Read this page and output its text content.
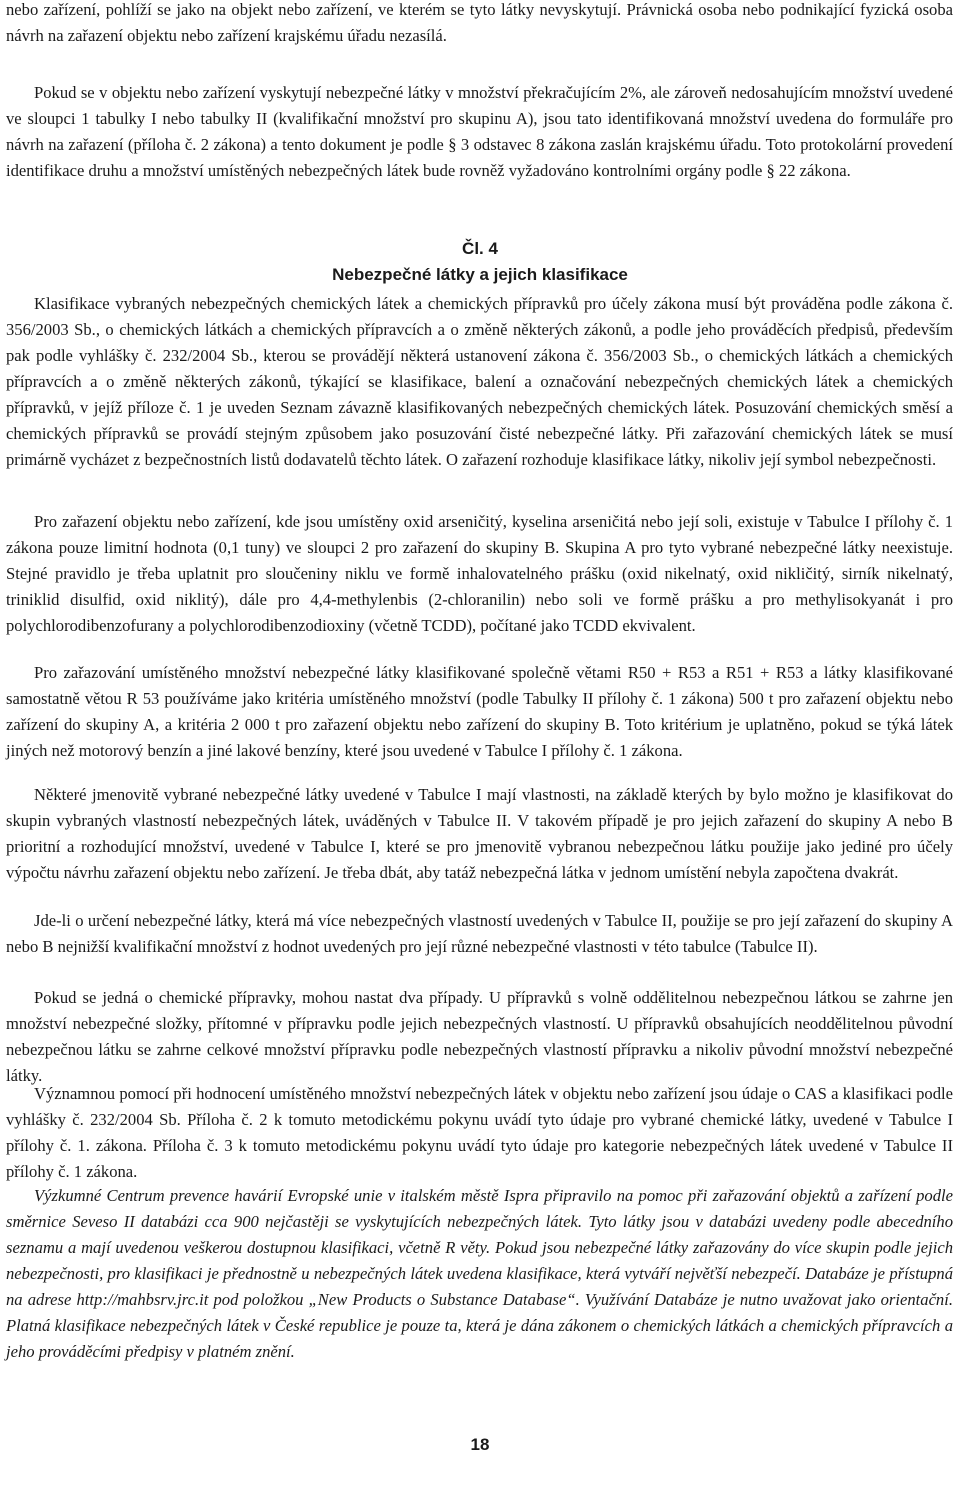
nebo zařízení, pohlíží se jako na objekt nebo zařízení, ve kterém se tyto látky nevyskytují. Právnická osoba nebo podnikající fyzická osoba návrh na zařazení objektu nebo zařízení krajskému úřadu nezasílá.

Pokud se v objektu nebo zařízení vyskytují nebezpečné látky v množství překračujícím 2%, ale zároveň nedosahujícím množství uvedené ve sloupci 1 tabulky I nebo tabulky II (kvalifikační množství pro skupinu A), jsou tato identifikovaná množství uvedena do formuláře pro návrh na zařazení (příloha č. 2 zákona) a tento dokument je podle § 3 odstavec 8 zákona zaslán krajskému úřadu. Toto protokolární provedení identifikace druhu a množství umístěných nebezpečných látek bude rovněž vyžadováno kontrolními orgány podle § 22 zákona.

Čl. 4
Nebezpečné látky a jejich klasifikace

Klasifikace vybraných nebezpečných chemických látek a chemických přípravků pro účely zákona musí být prováděna podle zákona č. 356/2003 Sb., o chemických látkách a chemických přípravcích a o změně některých zákonů, a podle jeho prováděcích předpisů, především pak podle vyhlášky č. 232/2004 Sb., kterou se provádějí některá ustanovení zákona č. 356/2003 Sb., o chemických látkách a chemických přípravcích a o změně některých zákonů, týkající se klasifikace, balení a označování nebezpečných chemických látek a chemických přípravků, v jejíž příloze č. 1 je uveden Seznam závazně klasifikovaných nebezpečných chemických látek. Posuzování chemických směsí a chemických přípravků se provádí stejným způsobem jako posuzování čisté nebezpečné látky. Při zařazování chemických látek se musí primárně vycházet z bezpečnostních listů dodavatelů těchto látek. O zařazení rozhoduje klasifikace látky, nikoliv její symbol nebezpečnosti.

Pro zařazení objektu nebo zařízení, kde jsou umístěny oxid arseničitý, kyselina arseničitá nebo její soli, existuje v Tabulce I přílohy č. 1 zákona pouze limitní hodnota (0,1 tuny) ve sloupci 2 pro zařazení do skupiny B. Skupina A pro tyto vybrané nebezpečné látky neexistuje. Stejné pravidlo je třeba uplatnit pro sloučeniny niklu ve formě inhalovatelného prášku (oxid nikelnatý, oxid nikličitý, sirník nikelnatý, triniklid disulfid, oxid niklitý), dále pro 4,4-methylenbis (2-chloranilin) nebo soli ve formě prášku a pro methylisokyanát i pro polychlorodibenzofurany a polychlorodibenzodioxiny (včetně TCDD), počítané jako TCDD ekvivalent.

Pro zařazování umístěného množství nebezpečné látky klasifikované společně větami R50 + R53 a R51 + R53 a látky klasifikované samostatně větou R 53 používáme jako kritéria umístěného množství (podle Tabulky II přílohy č. 1 zákona) 500 t pro zařazení objektu nebo zařízení do skupiny A, a kritéria 2 000 t pro zařazení objektu nebo zařízení do skupiny B. Toto kritérium je uplatněno, pokud se týká látek jiných než motorový benzín a jiné lakové benzíny, které jsou uvedené v Tabulce I přílohy č. 1 zákona.

Některé jmenovitě vybrané nebezpečné látky uvedené v Tabulce I mají vlastnosti, na základě kterých by bylo možno je klasifikovat do skupin vybraných vlastností nebezpečných látek, uváděných v Tabulce II. V takovém případě je pro jejich zařazení do skupiny A nebo B prioritní a rozhodující množství, uvedené v Tabulce I, které se pro jmenovitě vybranou nebezpečnou látku použije jako jediné pro účely výpočtu návrhu zařazení objektu nebo zařízení. Je třeba dbát, aby tatáž nebezpečná látka v jednom umístění nebyla započtena dvakrát.

Jde-li o určení nebezpečné látky, která má více nebezpečných vlastností uvedených v Tabulce II, použije se pro její zařazení do skupiny A nebo B nejnižší kvalifikační množství z hodnot uvedených pro její různé nebezpečné vlastnosti v této tabulce (Tabulce II).

Pokud se jedná o chemické přípravky, mohou nastat dva případy. U přípravků s volně oddělitelnou nebezpečnou látkou se zahrne jen množství nebezpečné složky, přítomné v přípravku podle jejich nebezpečných vlastností. U přípravků obsahujících neoddělitelnou původní nebezpečnou látku se zahrne celkové množství přípravku podle nebezpečných vlastností přípravku a nikoliv původní množství nebezpečné látky.

Významnou pomocí při hodnocení umístěného množství nebezpečných látek v objektu nebo zařízení jsou údaje o CAS a klasifikaci podle vyhlášky č. 232/2004 Sb. Příloha č. 2 k tomuto metodickému pokynu uvádí tyto údaje pro vybrané chemické látky, uvedené v Tabulce I přílohy č. 1. zákona. Příloha č. 3 k tomuto metodickému pokynu uvádí tyto údaje pro kategorie nebezpečných látek uvedené v Tabulce II přílohy č. 1 zákona.

Výzkumné Centrum prevence havárií Evropské unie v italském městě Ispra připravilo na pomoc při zařazování objektů a zařízení podle směrnice Seveso II databázi cca 900 nejčastěji se vyskytujících nebezpečných látek. Tyto látky jsou v databázi uvedeny podle abecedního seznamu a mají uvedenou veškerou dostupnou klasifikaci, včetně R věty. Pokud jsou nebezpečné látky zařazovány do více skupin podle jejich nebezpečnosti, pro klasifikaci je přednostně u nebezpečných látek uvedena klasifikace, která vytváří nejvěťší nebezpečí. Databáze je přístupná na adrese http://mahbsrv.jrc.it pod položkou „New Products o Substance Database“. Využívání Databáze je nutno uvažovat jako orientační. Platná klasifikace nebezpečných látek v České republice je pouze ta, která je dána zákonem o chemických látkách a chemických přípravcích a jeho prováděcími předpisy v platném znění.

18
